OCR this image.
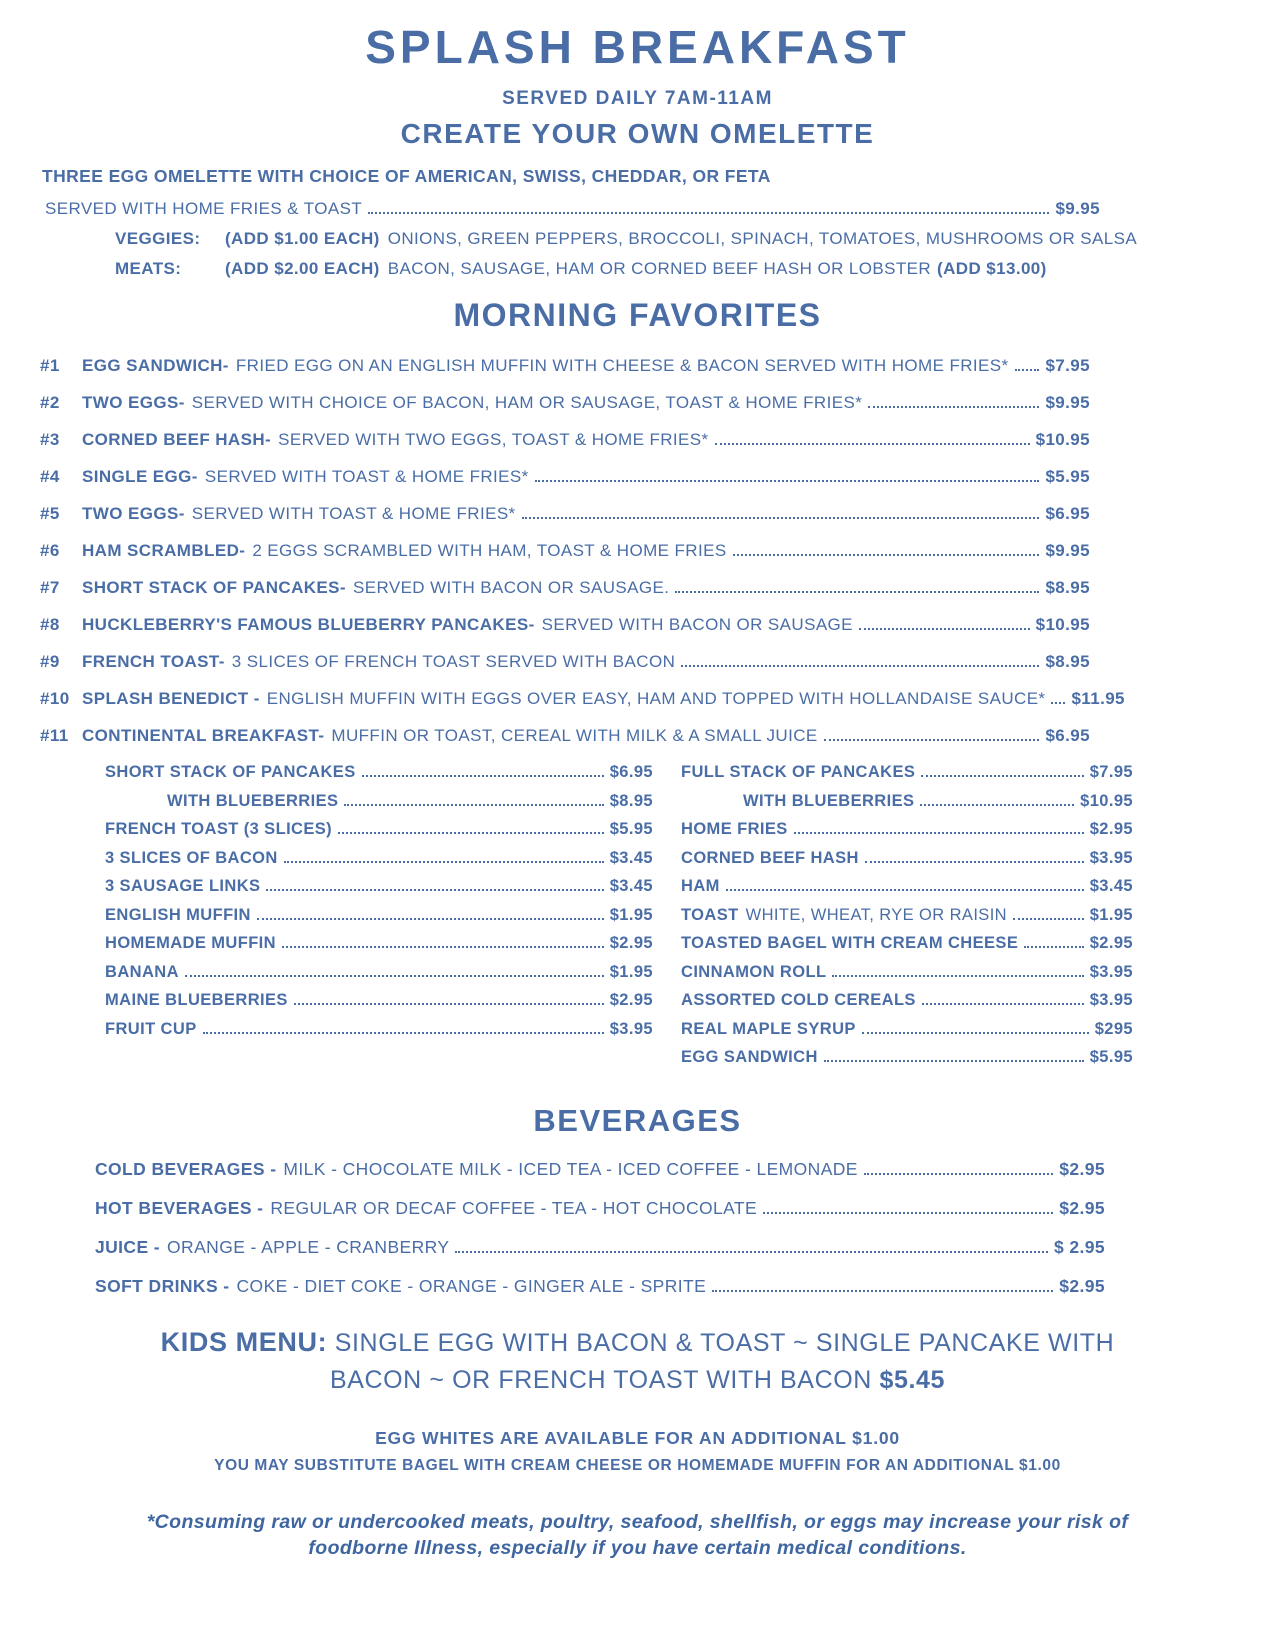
SPLASH BREAKFAST
SERVED DAILY 7AM-11AM
CREATE YOUR OWN OMELETTE
THREE EGG OMELETTE WITH CHOICE OF AMERICAN, SWISS, CHEDDAR, OR FETA
SERVED WITH HOME FRIES & TOAST	$9.95
VEGGIES:	(ADD $1.00 EACH) ONIONS, GREEN PEPPERS, BROCCOLI, SPINACH, TOMATOES, MUSHROOMS OR SALSA
MEATS:	(ADD $2.00 EACH) BACON, SAUSAGE, HAM OR CORNED BEEF HASH OR LOBSTER (ADD $13.00)
MORNING FAVORITES
#1	EGG SANDWICH- FRIED EGG ON AN ENGLISH MUFFIN WITH CHEESE & BACON SERVED WITH HOME FRIES* $7.95
#2	TWO EGGS- SERVED WITH CHOICE OF BACON, HAM OR SAUSAGE, TOAST & HOME FRIES*	$9.95
#3	CORNED BEEF HASH- SERVED WITH TWO EGGS, TOAST & HOME FRIES*	$10.95
#4	SINGLE EGG- SERVED WITH TOAST & HOME FRIES*	$5.95
#5	TWO EGGS- SERVED WITH TOAST & HOME FRIES*	$6.95
#6	HAM SCRAMBLED- 2 EGGS SCRAMBLED WITH HAM, TOAST & HOME FRIES	$9.95
#7	SHORT STACK OF PANCAKES- SERVED WITH BACON OR SAUSAGE.	$8.95
#8	HUCKLEBERRY'S FAMOUS BLUEBERRY PANCAKES- SERVED WITH BACON OR SAUSAGE	$10.95
#9	FRENCH TOAST- 3 SLICES OF FRENCH TOAST SERVED WITH BACON	$8.95
#10 SPLASH BENEDICT - ENGLISH MUFFIN WITH EGGS OVER EASY, HAM AND TOPPED WITH HOLLANDAISE SAUCE* $11.95
#11 CONTINENTAL BREAKFAST- MUFFIN OR TOAST, CEREAL WITH MILK & A SMALL JUICE	$6.95
SHORT STACK OF PANCAKES	$6.95
WITH BLUEBERRIES	$8.95
FRENCH TOAST (3 SLICES)	$5.95
3 SLICES OF BACON	$3.45
3 SAUSAGE LINKS	$3.45
ENGLISH MUFFIN	$1.95
HOMEMADE MUFFIN	$2.95
BANANA	$1.95
MAINE BLUEBERRIES	$2.95
FRUIT CUP	$3.95
FULL STACK OF PANCAKES	$7.95
WITH BLUEBERRIES	$10.95
HOME FRIES	$2.95
CORNED BEEF HASH	$3.95
HAM	$3.45
TOAST WHITE, WHEAT, RYE OR RAISIN	$1.95
TOASTED BAGEL WITH CREAM CHEESE	$2.95
CINNAMON ROLL	$3.95
ASSORTED COLD CEREALS	$3.95
REAL MAPLE SYRUP	$295
EGG SANDWICH	$5.95
BEVERAGES
COLD BEVERAGES - MILK - CHOCOLATE MILK - ICED TEA - ICED COFFEE - LEMONADE	$2.95
HOT BEVERAGES - REGULAR OR DECAF COFFEE - TEA - HOT CHOCOLATE	$2.95
JUICE - ORANGE - APPLE - CRANBERRY	$ 2.95
SOFT DRINKS - COKE - DIET COKE - ORANGE - GINGER ALE - SPRITE	$2.95
KIDS MENU: SINGLE EGG WITH BACON & TOAST ~ SINGLE PANCAKE WITH BACON ~ OR FRENCH TOAST WITH BACON $5.45
EGG WHITES ARE AVAILABLE FOR AN ADDITIONAL $1.00
YOU MAY SUBSTITUTE BAGEL WITH CREAM CHEESE OR HOMEMADE MUFFIN FOR AN ADDITIONAL $1.00
*Consuming raw or undercooked meats, poultry, seafood, shellfish, or eggs may increase your risk of foodborne Illness, especially if you have certain medical conditions.
